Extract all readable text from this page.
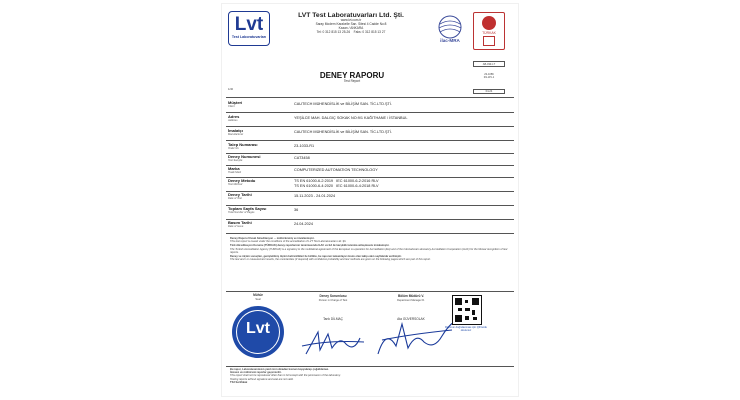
Lvt
Test Laboratuvarları
LVT Test Laboratuvarları Ltd. Şti.
www.lvt.com.tr
Saray Modern Karakelle San. Sitesi 4 Cadde No:8
Kazan / ANKARA
Tel: 0 312 815 13 25-26 Faks: 0 312 815 13 27
ilac-MRA
TÜRKAK
AB-0341-T
23-1086
R1-W1-1
04-24
1/40
DENEY RAPORU
Test Report
Müşteri
Client
CAUTECH MÜHENDİSLİK ve BİLİŞİM SAN. TİC.LTD.ŞTİ.
Adres
Address
YEŞİLCE MAH. DALGIÇ SOKAK NO:9/1 KAĞITHANE / İSTANBUL
İmalatçı
Manufacturer
CAUTECH MÜHENDİSLİK ve BİLİŞİM SAN. TİC.LTD.ŞTİ.
Talep Numarası
Order No
23-1033-R1
Deney Numunesi
Test Sample
CAT3458
Marka
Trade Mark
COMPUTERIZED AUTOMATION TECHNOLOGY
Deney Metodu
Test Method
TS EN 61000-6-2:2019   IEC 61000-6-2:2016 RLV
TS EN 61000-6-4:2020   IEC 61000-6-4:2018 RLV
Deney Tarihi
Date of Test
15.11.2023 - 24.01.2024
Toplam Sayfa Sayısı
Total Number of Pages
36
Basım Tarihi
Date of Issue
24.04.2024
Deney Raporu Ulusal Akreditasyon ... mühürlenmiş ve imzalanmıştır.
This test report is issued under the conditions of the accreditation of LVT Test Laboratuvarları Ltd. Şti.
Türk Akreditasyon Kurumu (TÜRKAK) deney raporlarının tanınmasında ILAC ve EA ile karşılıklı tanınma anlaşmasını imzalamıştır.
The Turkish Accreditation Agency (TURKAK) is a signatory to the multilateral agreement of the European co-operation for Accreditation (EA) and of the International Laboratory Accreditation Cooperation (ILAC) for the Mutual recognition of test reports.
Deney ve ölçüm sonuçları, genişletilmiş ölçüm belirsizlikleri ile birlikte, bu raporun tamamlayıcı kısmı olan takip eden sayfalarda verilmiştir.
The test and / or measurement results, the uncertainties (if required) with confidence probability and test methods are given on the following pages which are part of this report.
Mühür
Seal
Lvt
Deney Sorumlusu
Person in Charge of Test
Tarık DİLMAÇ
Bölüm Müdürü V.
Department Manager D.
Ata GÜVERSOLAK
Raporun doğrulanması için QR kodu okutunuz
Bu rapor, Laboratuvarımızın yazılı izni olmadan kısmen kopyalanıp çoğaltılamaz.
İmzasız ve mühürsüz raporlar geçersizdir.
This report shall not be reproduced other than in full except with the permission of the laboratory.
Testing reports without signature and seal are not valid.
TS3 Sertifakat
